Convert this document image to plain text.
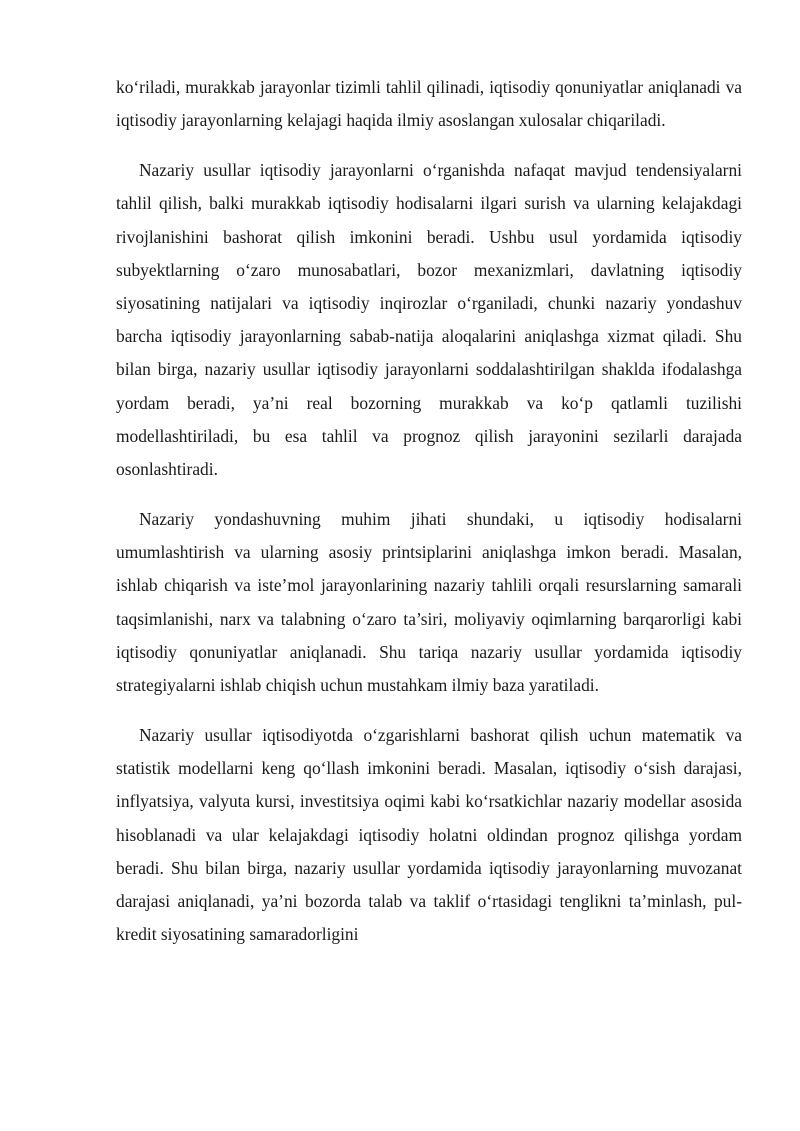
ko‘riladi, murakkab jarayonlar tizimli tahlil qilinadi, iqtisodiy qonuniyatlar aniqlanadi va iqtisodiy jarayonlarning kelajagi haqida ilmiy asoslangan xulosalar chiqariladi.

Nazariy usullar iqtisodiy jarayonlarni o‘rganishda nafaqat mavjud tendensiyalarni tahlil qilish, balki murakkab iqtisodiy hodisalarni ilgari surish va ularning kelajakdagi rivojlanishini bashorat qilish imkonini beradi. Ushbu usul yordamida iqtisodiy subyektlarning o‘zaro munosabatlari, bozor mexanizmlari, davlatning iqtisodiy siyosatining natijalari va iqtisodiy inqirozlar o‘rganiladi, chunki nazariy yondashuv barcha iqtisodiy jarayonlarning sabab-natija aloqalarini aniqlashga xizmat qiladi. Shu bilan birga, nazariy usullar iqtisodiy jarayonlarni soddalashtirilgan shaklda ifodalashga yordam beradi, ya’ni real bozorning murakkab va ko‘p qatlamli tuzilishi modellashtiriladi, bu esa tahlil va prognoz qilish jarayonini sezilarli darajada osonlashtiradi.

Nazariy yondashuvning muhim jihati shundaki, u iqtisodiy hodisalarni umumlashtirish va ularning asosiy printsiplarini aniqlashga imkon beradi. Masalan, ishlab chiqarish va iste’mol jarayonlarining nazariy tahlili orqali resurslarning samarali taqsimlanishi, narx va talabning o‘zaro ta’siri, moliyaviy oqimlarning barqarorligi kabi iqtisodiy qonuniyatlar aniqlanadi. Shu tariqa nazariy usullar yordamida iqtisodiy strategiyalarni ishlab chiqish uchun mustahkam ilmiy baza yaratiladi.

Nazariy usullar iqtisodiyotda o‘zgarishlarni bashorat qilish uchun matematik va statistik modellarni keng qo‘llash imkonini beradi. Masalan, iqtisodiy o‘sish darajasi, inflyatsiya, valyuta kursi, investitsiya oqimi kabi ko‘rsatkichlar nazariy modellar asosida hisoblanadi va ular kelajakdagi iqtisodiy holatni oldindan prognoz qilishga yordam beradi. Shu bilan birga, nazariy usullar yordamida iqtisodiy jarayonlarning muvozanat darajasi aniqlanadi, ya’ni bozorda talab va taklif o‘rtasidagi tenglikni ta’minlash, pul-kredit siyosatining samaradorligini
